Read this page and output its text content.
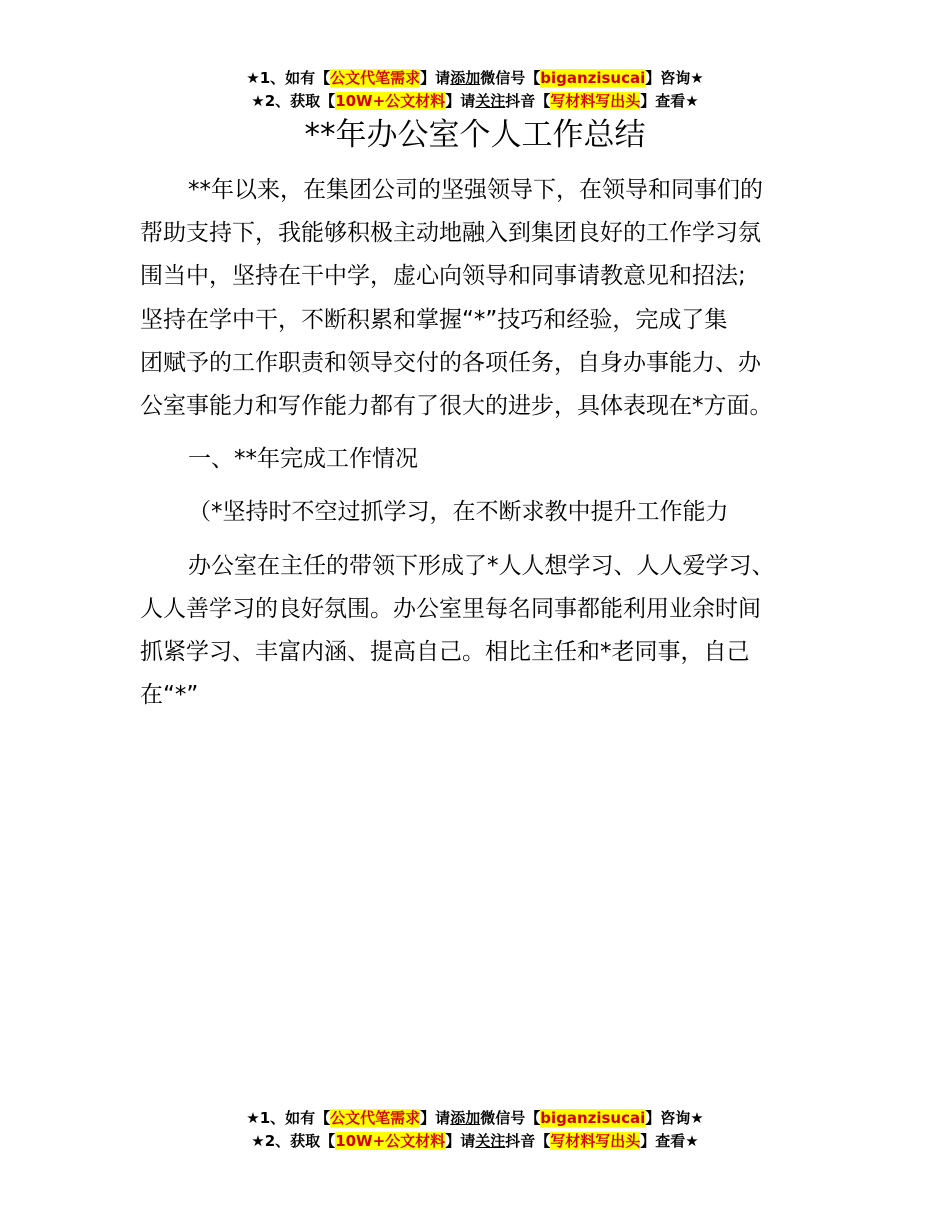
★1、如有【公文代笔需求】请添加微信号【biganzisucai】咨询★
★2、获取【10W+公文材料】请关注抖音【写材料写出头】查看★
**年办公室个人工作总结

**年以来，在集团公司的坚强领导下，在领导和同事们的

帮助支持下，我能够积极主动地融入到集团良好的工作学习氛

围当中，坚持在干中学，虚心向领导和同事请教意见和招法;

坚持在学中干，不断积累和掌握“*”技巧和经验，完成了集

团赋予的工作职责和领导交付的各项任务，自身办事能力、办

公室事能力和写作能力都有了很大的进步，具体表现在*方面。

一、**年完成工作情况

（*坚持时不空过抓学习，在不断求教中提升工作能力

办公室在主任的带领下形成了*人人想学习、人人爱学习、

人人善学习的良好氛围。办公室里每名同事都能利用业余时间

抓紧学习、丰富内涵、提高自己。相比主任和*老同事，自己

在“*”

★1、如有【公文代笔需求】请添加微信号【biganzisucai】咨询★
★2、获取【10W+公文材料】请关注抖音【写材料写出头】查看★
